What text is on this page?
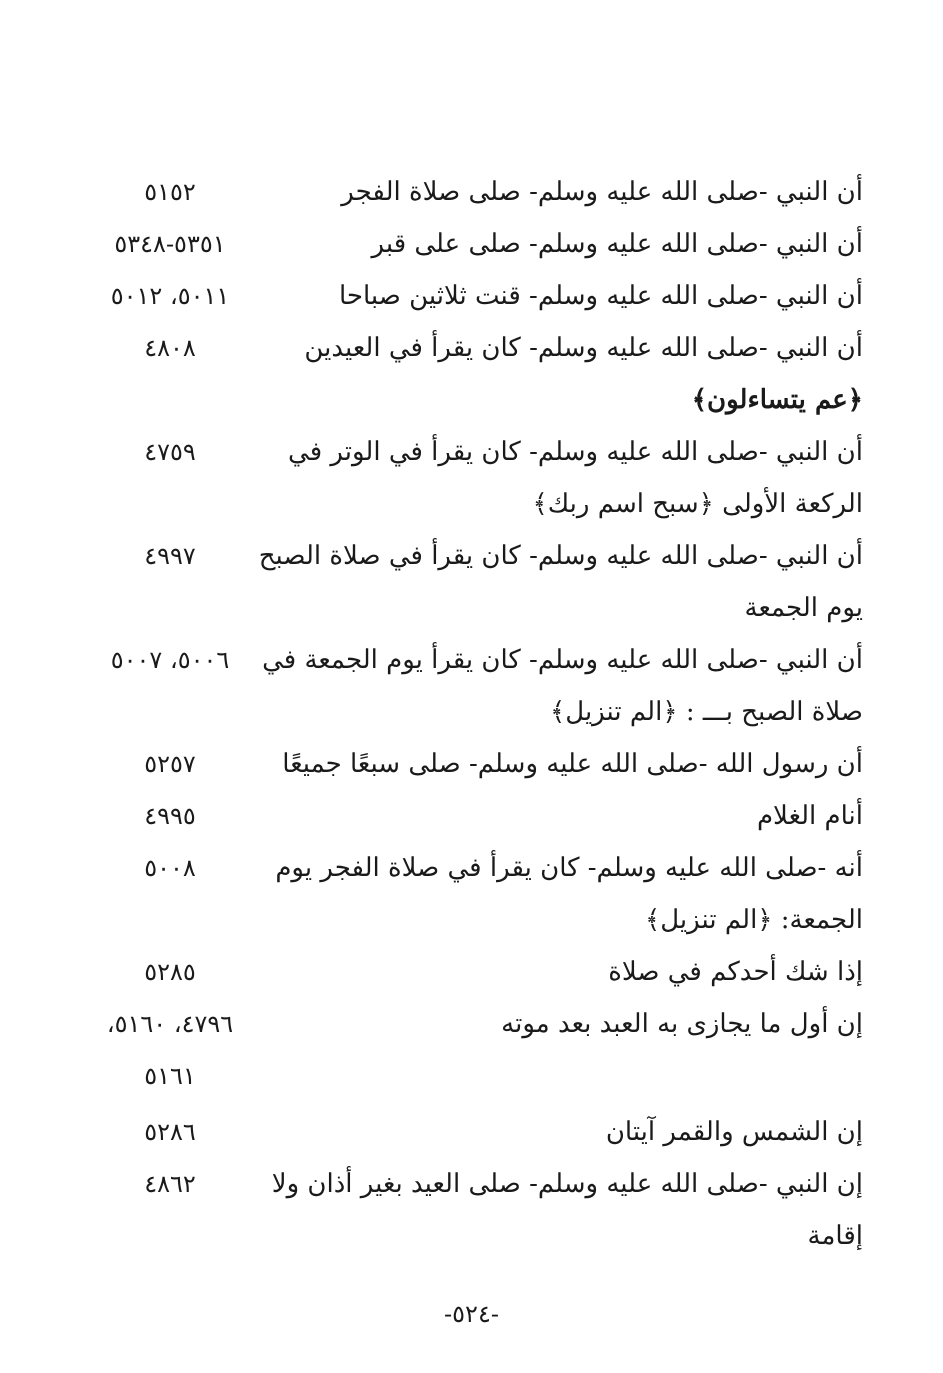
أن النبي -صلى الله عليه وسلم- صلى صلاة الفجر
٥١٥٢
أن النبي -صلى الله عليه وسلم- صلى على قبر
٥٣٥١-٥٣٤٨
أن النبي -صلى الله عليه وسلم- قنت ثلاثين صباحا
٥٠١١، ٥٠١٢
أن النبي -صلى الله عليه وسلم- كان يقرأ في العيدين
٤٨٠٨
﴿عم يتساءلون﴾
أن النبي -صلى الله عليه وسلم- كان يقرأ في الوتر في
٤٧٥٩
الركعة الأولى ﴿سبح اسم ربك﴾
أن النبي -صلى الله عليه وسلم- كان يقرأ في صلاة الصبح
٤٩٩٧
يوم الجمعة
أن النبي -صلى الله عليه وسلم- كان يقرأ يوم الجمعة في
٥٠٠٦، ٥٠٠٧
صلاة الصبح بـــ : ﴿الم تنزيل﴾
أن رسول الله -صلى الله عليه وسلم- صلى سبعًا جميعًا
٥٢٥٧
أنام الغلام
٤٩٩٥
أنه -صلى الله عليه وسلم- كان يقرأ في صلاة الفجر يوم
٥٠٠٨
الجمعة: ﴿الم تنزيل﴾
إذا شك أحدكم في صلاة
٥٢٨٥
إن أول ما يجازى به العبد بعد موته
٤٧٩٦، ٥١٦٠،
٥١٦١
إن الشمس والقمر آيتان
٥٢٨٦
إن النبي -صلى الله عليه وسلم- صلى العيد بغير أذان ولا
٤٨٦٢
إقامة
-٥٢٤-
